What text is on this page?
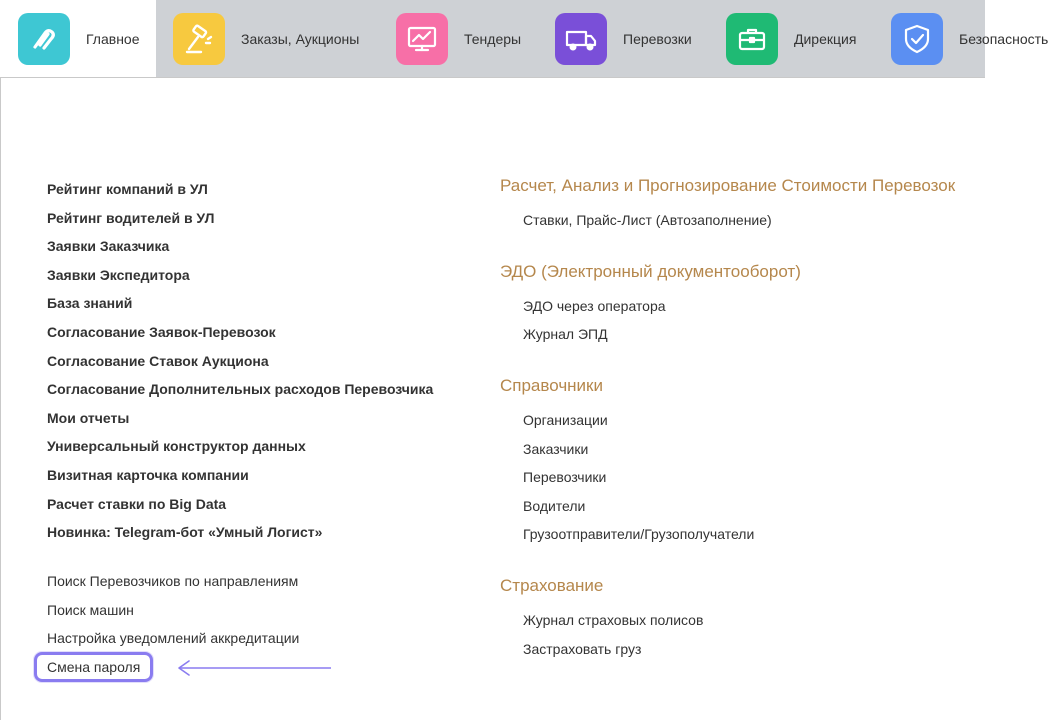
Главное	Заказы, Аукционы	Тендеры	Перевозки	Дирекция	Безопасность
Рейтинг компаний в УЛ
Рейтинг водителей в УЛ
Заявки Заказчика
Заявки Экспедитора
База знаний
Согласование Заявок-Перевозок
Согласование Ставок Аукциона
Согласование Дополнительных расходов Перевозчика
Мои отчеты
Универсальный конструктор данных
Визитная карточка компании
Расчет ставки по Big Data
Новинка: Telegram-бот «Умный Логист»
Поиск Перевозчиков по направлениям
Поиск машин
Настройка уведомлений аккредитации
Смена пароля
Расчет, Анализ и Прогнозирование Стоимости Перевозок
Ставки, Прайс-Лист (Автозаполнение)
ЭДО (Электронный документооборот)
ЭДО через оператора
Журнал ЭПД
Справочники
Организации
Заказчики
Перевозчики
Водители
Грузоотправители/Грузополучатели
Страхование
Журнал страховых полисов
Застраховать груз
